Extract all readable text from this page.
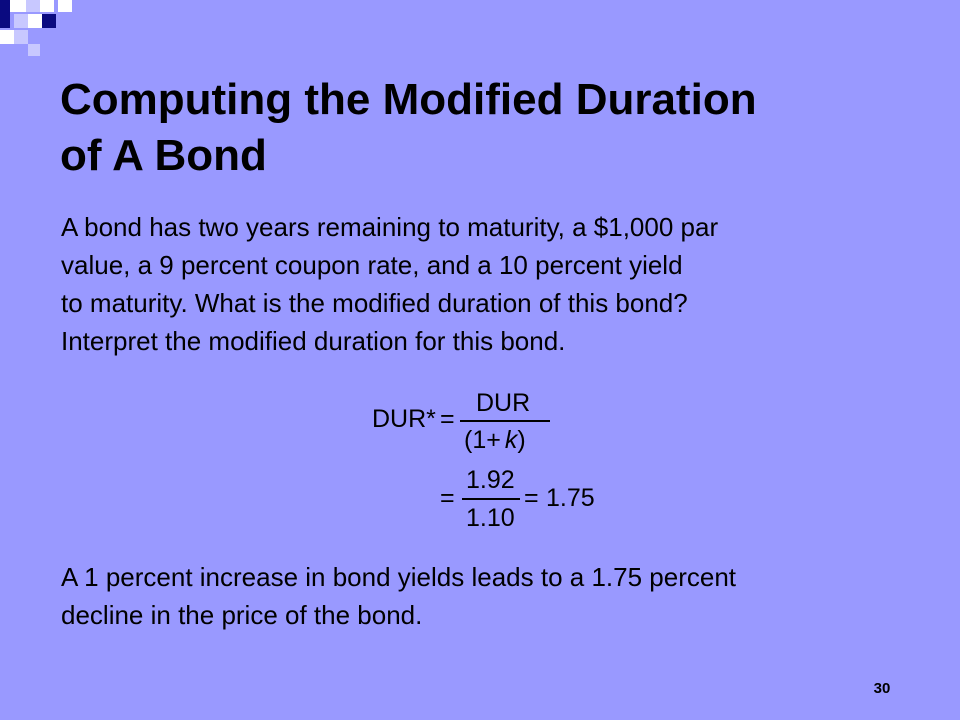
Computing the Modified Duration
of A Bond
A bond has two years remaining to maturity, a $1,000 par
value, a 9 percent coupon rate, and a 10 percent yield
to maturity. What is the modified duration of this bond?
Interpret the modified duration for this bond.
DUR* =
DUR
(1+ k)
=
1.92
1.10
= 1.75
A 1 percent increase in bond yields leads to a 1.75 percent
decline in the price of the bond.
30
